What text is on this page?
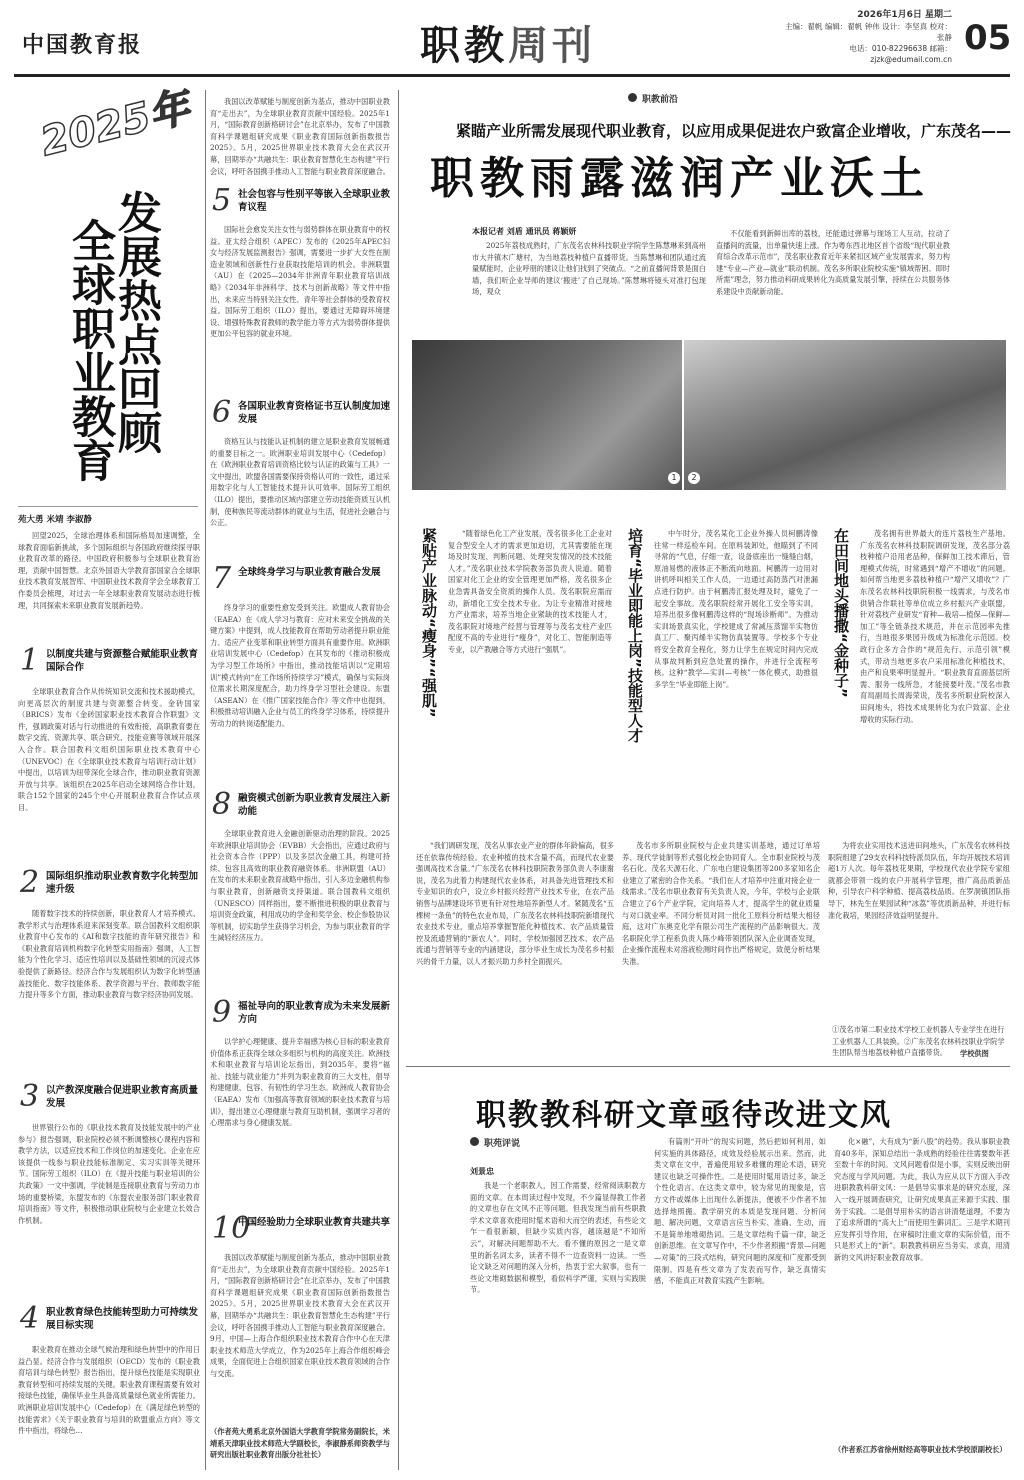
中国教育报	职教周刊
2026年1月6日 星期二
主编：翟帆 编辑：翟帆 钟伟 设计：李坚真 校对：张静
电话：010-82296638 邮箱：zjzk@edumail.com.cn
05
2025年
发展热点回顾
全球职业教育
苑大勇 米靖 李淑静
回望2025，全球治理体系和国际格局加速调整，全球教育面临新挑战，多个国际组织与各国政府继续探寻职业教育改革的路径。中国政府积极参与全球职业教育治理，贡献中国智慧。北京外国语大学教育部国家合全球职业技术教育发展智库、中国职业技术教育学会全球教育工作委员会梳理，对过去一年全球职业教育发展动态进行梳理，共同探索未来职业教育发展新趋势。
1 以制度共建与资源整合赋能职业教育国际合作
全球职业教育合作从传统知识交流和技术援助模式，向更高层次的制度共建与资源整合转变。金砖国家（BRICS）发布《金砖国家职业技术教育合作联盟》文件，强调政策对话与行动推进的有效衔接，高职教育要在数字交流、资源共享、联合研究、技能竞赛等领域开展深入合作。联合国教科文组织国际职业技术教育中心（UNEVOC）在《全球职业技术教育与培训行动计划》中提出，以培训为纽带深化全球合作，推动职业教育资源开放与共享。该组织在2025年启动全球网络合作计划，联合152个国家的245个中心开展职业教育合作试点项目。
2 国际组织推动职业教育数字化转型加速升级
随着数字技术的持续创新，职业教育人才培养模式、教学形式与治理体系迎来深刻变革。联合国教科文组织职业教育中心发布的《AI和数字技能的青年研究报告》和《职业教育培训机构数字化转型实用指南》强调，人工智能为个性化学习、适应性培训以及基础性领域的沉浸式体验提供了新路径。经济合作与发展组织认为数字化转型涵盖技能化、数字技能体系、教学资源与平台、教师数字能力提升等多个方面，推动职业教育与数字经济协同发展。
3 以产教深度融合促进职业教育高质量发展
世界银行公布的《职业技术教育及技能发展中的产业参与》报告强调，职业院校必须不断调整核心课程内容和教学方法，以适应技术和工作岗位的加速变化。企业在应该提供一线参与职业技能标准制定、实习实训等关键环节。国际劳工组织（ILO）在《提升技能与职业培训的公共政策》一文中强调，学徒制是连接职业教育与劳动力市场的重要桥梁，东盟发布的《东盟农业服务部门职业教育培训指南》等文件，积极推动职业院校与企业建立长效合作机制。
4 职业教育绿色技能转型助力可持续发展目标实现
职业教育在推动全球气候治理和绿色转型中的作用日益凸显。经济合作与发展组织（OECD）发布的《职业教育培训与绿色转型》报告指出，提升绿色技能是实现职业教育转型和可持续发展的关键。职业教育课程需要有效对接绿色技能，确保毕业生具备高质量绿色就业所需能力。欧洲职业培训发展中心（Cedefop）在《满足绿色转型的技能需求》《关于职业教育与培训的欧盟重点方向》等文件中指出，将绿色...
我国以改革赋能与制度创新为基点，推动中国职业教育“走出去”，为全球职业教育贡献中国经验。2025年1月，“国际教育创新格研讨会”在北京举办，发布了中国教育科学课题组研究成果《职业教育国际创新指数报告2025》。5月，2025世界职业技术教育大会在武汉开幕，回期举办“共融共生：职业教育智慧化生态构建”平行会议，呼吁各国携手推动人工智能与职业教育深度融合。
5 社会包容与性别平等嵌入全球职业教育议程
国际社会愈发关注女性与弱势群体在职业教育中的权益。亚太经合组织（APEC）发布的《2025年APEC妇女与经济发展监测报告》强调，需要进一步扩大女性在制造业领域和创新性行业获取技能培训的机会。非洲联盟（AU）在《2025—2034年非洲青年职业教育培训战略》《2034年非洲科学、技术与创新战略》等文件中指出，未来应当特别关注女性、青年等社会群体的受教育权益。国际劳工组织（ILO）提出，要通过无障碍环境建设、增强特殊教育教师的教学能力等方式为弱势群体提供更加公平包容的就业环境。
6 各国职业教育资格证书互认制度加速发展
资格互认与技能认证机制的建立是职业教育发展畅通的重要目标之一。欧洲职业培训发展中心（Cedefop）在《欧洲职业教育培训资格比较与认证的政策与工具》一文中提出，欧盟各国需要保持资格认可的一致性，通过采用数字化与人工智能技术提升认可效率。国际劳工组织（ILO）提出，要推动区域内部建立劳动技能资质互认机制，使种族民等流动群体的就业与生活，促进社会融合与公正。
7 全球终身学习与职业教育融合发展
终身学习的重要性愈发受到关注。欧盟成人教育协会（EAEA）在《成人学习与教育：应对未来安全挑战的关键方案》中提到，成人技能教育在帮助劳动者提升职业能力、适应产业变革和职业转型方面具有重要作用。欧洲职业培训发展中心（Cedefop）在其发布的《推动积极成为学习型工作场所》中指出，推动技能培训以“定期培训”模式转向“在工作场所持续学习”模式，确保与实际岗位需求长期深度配合，助力终身学习型社会建设。东盟（ASEAN）在《推广国家技能合作》等文件中也提到，积极推动培训融入企业与员工的终身学习体系，持续提升劳动力的转岗适配能力。
8 融资模式创新为职业教育发展注入新动能
全球职业教育进入金融创新驱动治理的阶段。2025年欧洲职业培训协会（EVBB）大会指出，应通过政府与社会资本合作（PPP）以及多层次金融工具，构建可持续、包容且高效的职业教育融资体系。非洲联盟（AU）在发布的未来职业教育战略中指出，引入多边金融机构参与职业教育，创新融资支持渠道。联合国教科文组织（UNESCO）同样指出，要不断推进积极的职业教育与培训资金政策，利用成功的学金和奖学金、校企参股协议等机制，切实助学生获得学习机会，为参与职业教育的学生减轻经济压力。
9 福祉导向的职业教育成为未来发展新方向
以学护心理健康、提升幸福感为核心目标的职业教育价值体系正获得全球众多组织与机构的高度关注。欧洲技术和职业教育与培训论坛指出，到2035年，要将“福祉、技能与就业能力”并列为职业教育的三大支柱，倡导构建健康、包容、有韧性的学习生态。欧洲成人教育协会（EAEA）发布《加强高等教育领域的职业技术教育与培训》，提出建立心理健康与教育互助机制，强调学习者的心理需求与身心健康发展。
10
中国经验助力全球职业教育共建共享
我国以改革赋能与制度创新为基点，推动中国职业教育“走出去”，为全球职业教育贡献中国经验。2025年1月，“国际教育创新格研讨会”在北京举办，发布了中国教育科学课题组研究成果《职业教育国际创新指数报告2025》。5月，2025世界职业技术教育大会在武汉开幕，回期举办“共融共生：职业教育智慧化生态构建”平行会议，呼吁各国携手推动人工智能与职业教育深度融合。9月，中国—上海合作组织职业技术教育合作中心在天津职业技术师范大学成立，作为2025年上海合作组织峰会成果，全面促进上合组织国家在职业技术教育领域的合作与交流。
（作者苑大勇系北京外国语大学教育学院常务副院长，米靖系天津职业技术师范大学副校长，李淑静系师资教学与研究出版社职业教育出版分社社长）
职教前沿
紧瞄产业所需发展现代职业教育，以应用成果促进农户致富企业增收，广东茂名——
职教雨露滋润产业沃土
本报记者 刘盾 通讯员 蒋颖妍
2025年荔枝成熟时，广东茂名农林科技职业学院学生陈慧琳来到高州市大井镇木广塘村，为当地荔枝种植户直播带货。当陈慧琳和团队通过流量赋能时，企业呼朋的建议让他们找到了突破点。“之前直播间背景是面白墙，我们听企业导师的建议‘搬进’了自己现场。”陈慧琳将镜头对准打包现场，观众
不仅能看到新鲜出库的荔枝，还能通过弹幕与现场工人互动，拉动了直播间的流量，出单量快速上涨。作为粤东西北地区首个省级“现代职业教育综合改革示范市”，茂名职业教育近年来紧扣区域产业发展需求，努力构建“专业—产业—就业”联动机制。茂名多所职业院校实施“镇域帮困、即时所需”理念，努力推动科研成果转化为高质量发展引擎，持续在公共服务体系建设中贡献新动能。
1	2
紧贴产业脉动“瘦身”“强肌”	“随着绿色化工产业发展，茂名很多化工企业对复合型安全人才的需求更加迫切，尤其需要能在现场及时发现、判断问题、处理突发情况的技术技能人才。”茂名职业技术学院教务部负责人说道。随着国家对化工企业的安全管理更加严格，茂名很多企业急需具备安全资质的操作人员。茂名职院应需而动，新增化工安全技术专业。为让专业精准对接地方产业需求，培养当地企业紧缺的技术技能人才，茂名职院对境地产经营与管理等与茂名支柱产业匹配度不高的专业进行“瘦身”，对化工、智能制造等专业，以产教融合等方式进行“强肌”。
“我们调研发现，茂名从事农业产业的群体年龄偏高，很多还在依靠传统经验。农业种植的技术含量不高，而现代农业要强调高技术含量。”广东茂名农林科技职院教务部负责人李康谢说，茂名为此着力构建现代农业体系，对具备先进管理技术和专业知识的农户，设立乡村振兴经营产业技术专业，在农产品销售与品牌建设环节更有针对性地培养新型人才。紧随茂名“五棵树一条鱼”的特色农业布局，广东茂名农林科技职院新增现代农业技术专业，重点培养掌握智能化种植技术、农产品质量管控及流通营销的“新农人”。同时，学校加强园艺技术、农产品流通与营销等专业的内涵建设，部分毕业生成长为茂名乡村振兴的骨干力量，以人才振兴助力乡村全面振兴。
培育“毕业即能上岗”技能型人才	中午时分，茂名某化工企业外操人员柯鹏涛像往常一样巡检车间。在原料装卸处，他瞄到了不同寻常的“气息，仔细一查，设备底座出一缝缝白烟，原油易燃的液体正不断流向地面。柯鹏涛一边用对讲机呼叫相关工作人员，一边通过高防蒸汽对泄漏点进行防护。由于柯鹏涛汇报处理及时，避免了一起安全事故。茂名职院经常开展化工安全等实训，培养出很多像柯鹏涛这样的“现场诊断师”。为推动实训场景真实化，学校建成了常减压蒸馏半实物仿真工厂、聚丙烯半实物仿真装置等。学校多个专业将安全教育全程化，努力让学生在规定时间内完成从事故判断到应急处置的操作，并进行全流程考核。这种“教学—实训—考核”一体化模式，助推很多学生“毕业即能上岗”。
茂名市多所职业院校与企业共建实训基地，通过订单培养、现代学徒制等形式强化校企协同育人。全市职业院校与茂名石化、茂名天源石化、广东电白建设集团等200多家知名企业建立了紧密的合作关系。“我们在人才培养中注重对接企业一线需求。”茂名市职业教育有关负责人说，今年，学校与企业联合建立了6个产业学院，定向培养人才，提高学生的就业质量与对口就业率。不同分析员对同一批化工原料分析结果大相径庭，这对广东奥克化学有限公司生产流程的产品影响很大。茂名职院化学工程系负责人陈少峰带领团队深入企业调查发现，企业操作流程未对溶液检测时间作出严格规定，致使分析结果失准。
在田间地头播撒“金种子”	茂名拥有世界最大的连片荔枝生产基地。广东茂名农林科技职院调研发现，茂名部分荔枝种植户沿用老品种，保鲜加工技术滞后，管理模式传统，时常遇到“增产不增收”的问题。如何帮当地更多荔枝种植户“增产又增收”？广东茂名农林科技职院积极一线需求，与茂名市供销合作联社等单位成立乡村振兴产业联盟，针对荔枝产业研发“育种—栽培—植保—保鲜—加工”等全链条技术规范，并在示范园率先推行，当地很多果园升级成为标准化示范园。校政行企多方合作的“规范先行、示范引领”模式，带动当地更多农户采用标准化种植技术，由产和良果率明显提升。“职业教育直面基层所需、服务一线所急，才能接要叶茂。”茂名市教育局副局长周海荣说，茂名多所职业院校深入田间地头，将技术成果转化为农户致富、企业增收的实际行动。
为将农业实用技术送进田间地头，广东茂名农林科技职院组建了29支农科科技特派员队伍，年均开展技术培训超1万人次。每年荔枝花果期，学校现代农业学院专家组就都会带领一线的农户开展科学管理，推广高品质新品种，引导农户科学种植、提高荔枝品质。在罗洞镇团队指导下，林先生在果园试种“冰荔”等优质新品种，并进行标准化栽培，果园经济效益明显提升。
①茂名市第二职业技术学校工业机器人专业学生在进行工业机器人工具装换。②广东茂名农林科技职业学院学生团队帮当地荔枝种植户直播带货。	学校供图
职教教科研文章亟待改进文风
职苑评说
刘景忠
我是一个老职教人，因工作需要，经常阅读职教方面的文章。在本周读过程中发现，不少篇显得教工作者的文章也存在文风不正等问题。但我发现当前有些职教学术文章喜欢使用时髦术语和大而空的表述，有些论文乍一看很新颖，但缺少实质内容，越读越是“不知所云”，对解决问题帮助不大。看不懂的原因之一是文章里的新名词太多，读者不得不一边查资料一边读。一些论文缺乏对问题的深入分析，热衷于宏大叙事，也有一些论文堆砌数据和模型，看似科学严谨，实则与实践脱节。
有篇则“开叶”的现实问题，然后把如何利用，如何实施的具体路径，成效及经验展示出来。然而，此类文章在文中，普遍使用较多难懂的理论术语，研究建议也缺乏可操作性。二是使用时髦用语过多，缺乏个性化语言。在这类文章中，较为常见的现象是，官方文件或媒体上出现什么新提法，便被不少作者不加选择地照搬。教学研究的本质是发现问题、分析问题、解决问题，文章语言应当朴实、准确、生动，而不是简单地堆砌热词。三是文章结构千篇一律，缺乏创新思维。在文章写作中，不少作者照搬“背景—问题—对策”的三段式结构，研究问题的深度和广度都受到限制。四是有些文章为了发表而写作，缺乏真情实感，不能真正对教育实践产生影响。
化×融”，大有成为“新八股”的趋势。我从事职业教育40多年，深知总结出一条成熟的经验往往需要数年甚至数十年的时间。文风问题看似是小事，实则反映出研究态度与学风问题。为此，我认为应从以下方面入手改进职教教科研文风：一是倡导实事求是的研究态度，深入一线开展调查研究，让研究成果真正来源于实践、服务于实践。二是倡导用朴实的语言讲清楚道理，不要为了追求所谓的“高大上”而使用生僻词汇。三是学术期刊应发挥引导作用，在审稿时注重文章的实际价值，而不只是形式上的“新”。职教教科研应当务实、求真，用清新的文风讲好职业教育故事。
（作者系江苏省徐州财经高等职业技术学校原副校长）
